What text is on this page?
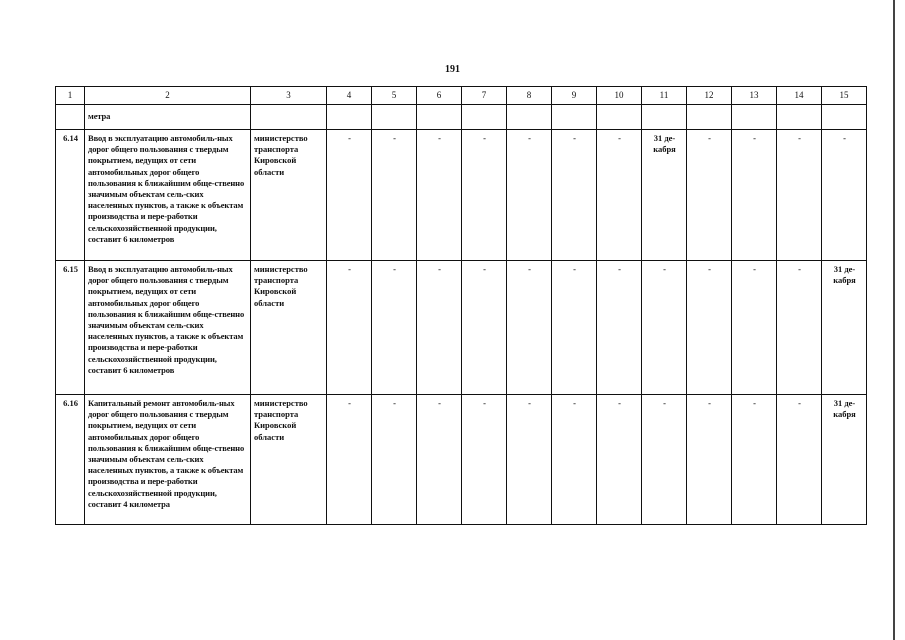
191
1	2	3	4	5	6	7	8	9	10	11	12	13	14	15
	метра													
6.14	Ввод в эксплуатацию автомобиль-ных дорог общего пользования с твердым покрытием, ведущих от сети автомобильных дорог общего пользования к ближайшим обще-ственно значимым объектам сель-ских населенных пунктов, а также к объектам производства и пере-работки сельскохозяйственной продукции, составит 6 километров	министерство транспорта Кировской области	-	-	-	-	-	-	-	31 де-кабря	-	-	-	-
6.15	Ввод в эксплуатацию автомобиль-ных дорог общего пользования с твердым покрытием, ведущих от сети автомобильных дорог общего пользования к ближайшим обще-ственно значимым объектам сель-ских населенных пунктов, а также к объектам производства и пере-работки сельскохозяйственной продукции, составит 6 километров	министерство транспорта Кировской области	-	-	-	-	-	-	-	-	-	-	-	31 де-кабря
6.16	Капитальный ремонт автомобиль-ных дорог общего пользования с твердым покрытием, ведущих от сети автомобильных дорог общего пользования к ближайшим обще-ственно значимым объектам сель-ских населенных пунктов, а также к объектам производства и пере-работки сельскохозяйственной продукции, составит 4 километра	министерство транспорта Кировской области	-	-	-	-	-	-	-	-	-	-	-	31 де-кабря
